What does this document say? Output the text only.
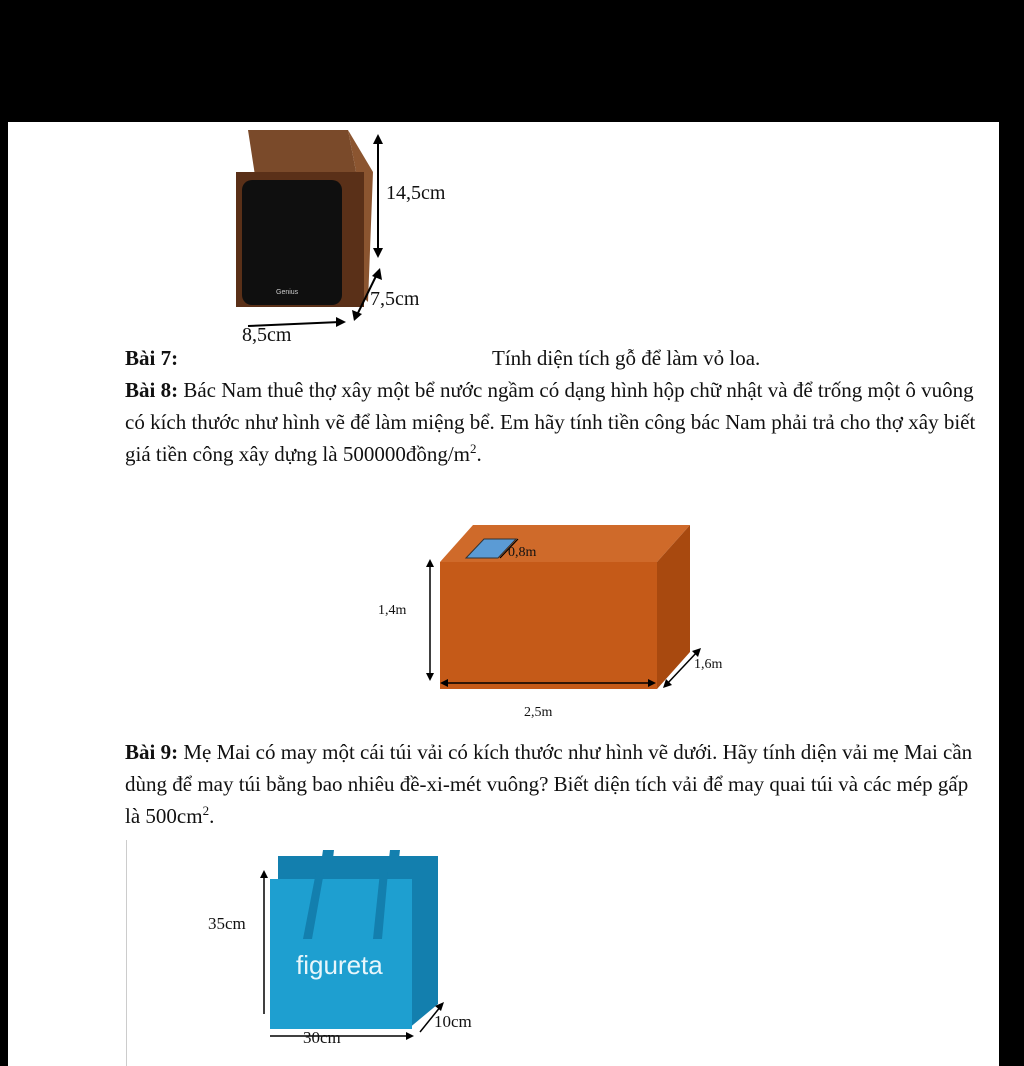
Genius
14,5cm
7,5cm
8,5cm
Bài 7:	Tính diện tích gỗ để làm vỏ loa.
Bài 8: Bác Nam thuê thợ xây một bể nước ngầm có dạng hình hộp chữ nhật và để trống một ô vuông có kích thước như hình vẽ để làm miệng bể. Em hãy tính tiền công bác Nam phải trả cho thợ xây biết giá tiền công xây dựng là $500000đồng/m^2$.
0,8m
1,4m
1,6m
2,5m
Bài 9: Mẹ Mai có may một cái túi vải có kích thước như hình vẽ dưới. Hãy tính diện vải mẹ Mai cần dùng để may túi bằng bao nhiêu đề-xi-mét vuông? Biết diện tích vải để may quai túi và các mép gấp là $500cm^2$.
figureta
35cm
10cm
30cm
